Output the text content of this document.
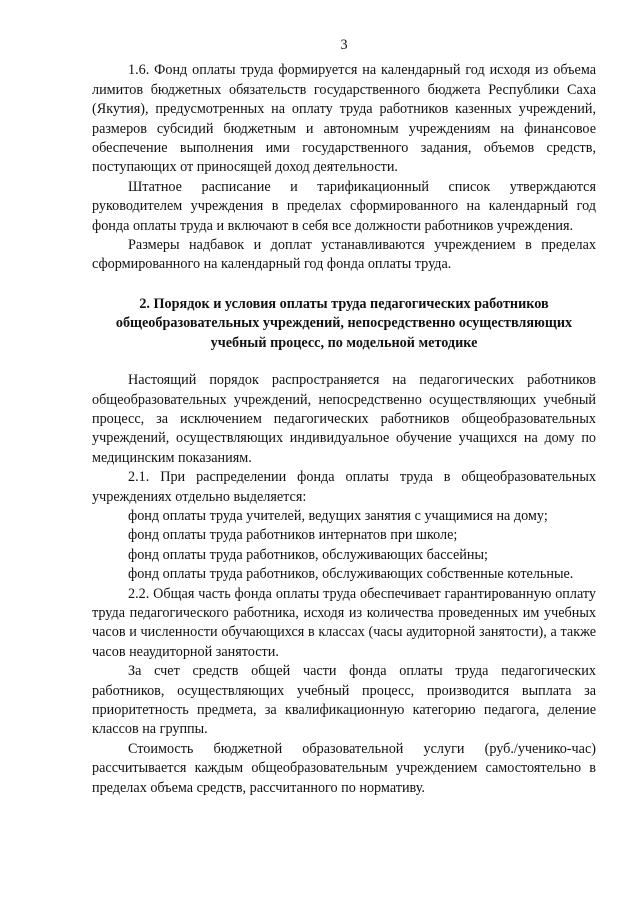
3

1.6. Фонд оплаты труда формируется на календарный год исходя из объема лимитов бюджетных обязательств государственного бюджета Республики Саха (Якутия), предусмотренных на оплату труда работников казенных учреждений, размеров субсидий бюджетным и автономным учреждениям на финансовое обеспечение выполнения ими государственного задания, объемов средств, поступающих от приносящей доход деятельности.

Штатное расписание и тарификационный список утверждаются руководителем учреждения в пределах сформированного на календарный год фонда оплаты труда и включают в себя все должности работников учреждения.

Размеры надбавок и доплат устанавливаются учреждением в пределах сформированного на календарный год фонда оплаты труда.

2. Порядок и условия оплаты труда педагогических работников
общеобразовательных учреждений, непосредственно осуществляющих
учебный процесс, по модельной методике

Настоящий порядок распространяется на педагогических работников общеобразовательных учреждений, непосредственно осуществляющих учебный процесс, за исключением педагогических работников общеобразовательных учреждений, осуществляющих индивидуальное обучение учащихся на дому по медицинским показаниям.

2.1. При распределении фонда оплаты труда в общеобразовательных учреждениях отдельно выделяется:

фонд оплаты труда учителей, ведущих занятия с учащимися на дому;

фонд оплаты труда работников интернатов при школе;

фонд оплаты труда работников, обслуживающих бассейны;

фонд оплаты труда работников, обслуживающих собственные котельные.

2.2. Общая часть фонда оплаты труда обеспечивает гарантированную оплату труда педагогического работника, исходя из количества проведенных им учебных часов и численности обучающихся в классах (часы аудиторной занятости), а также часов неаудиторной занятости.

За счет средств общей части фонда оплаты труда педагогических работников, осуществляющих учебный процесс, производится выплата за приоритетность предмета, за квалификационную категорию педагога, деление классов на группы.

Стоимость бюджетной образовательной услуги (руб./ученико-час) рассчитывается каждым общеобразовательным учреждением самостоятельно в пределах объема средств, рассчитанного по нормативу.
